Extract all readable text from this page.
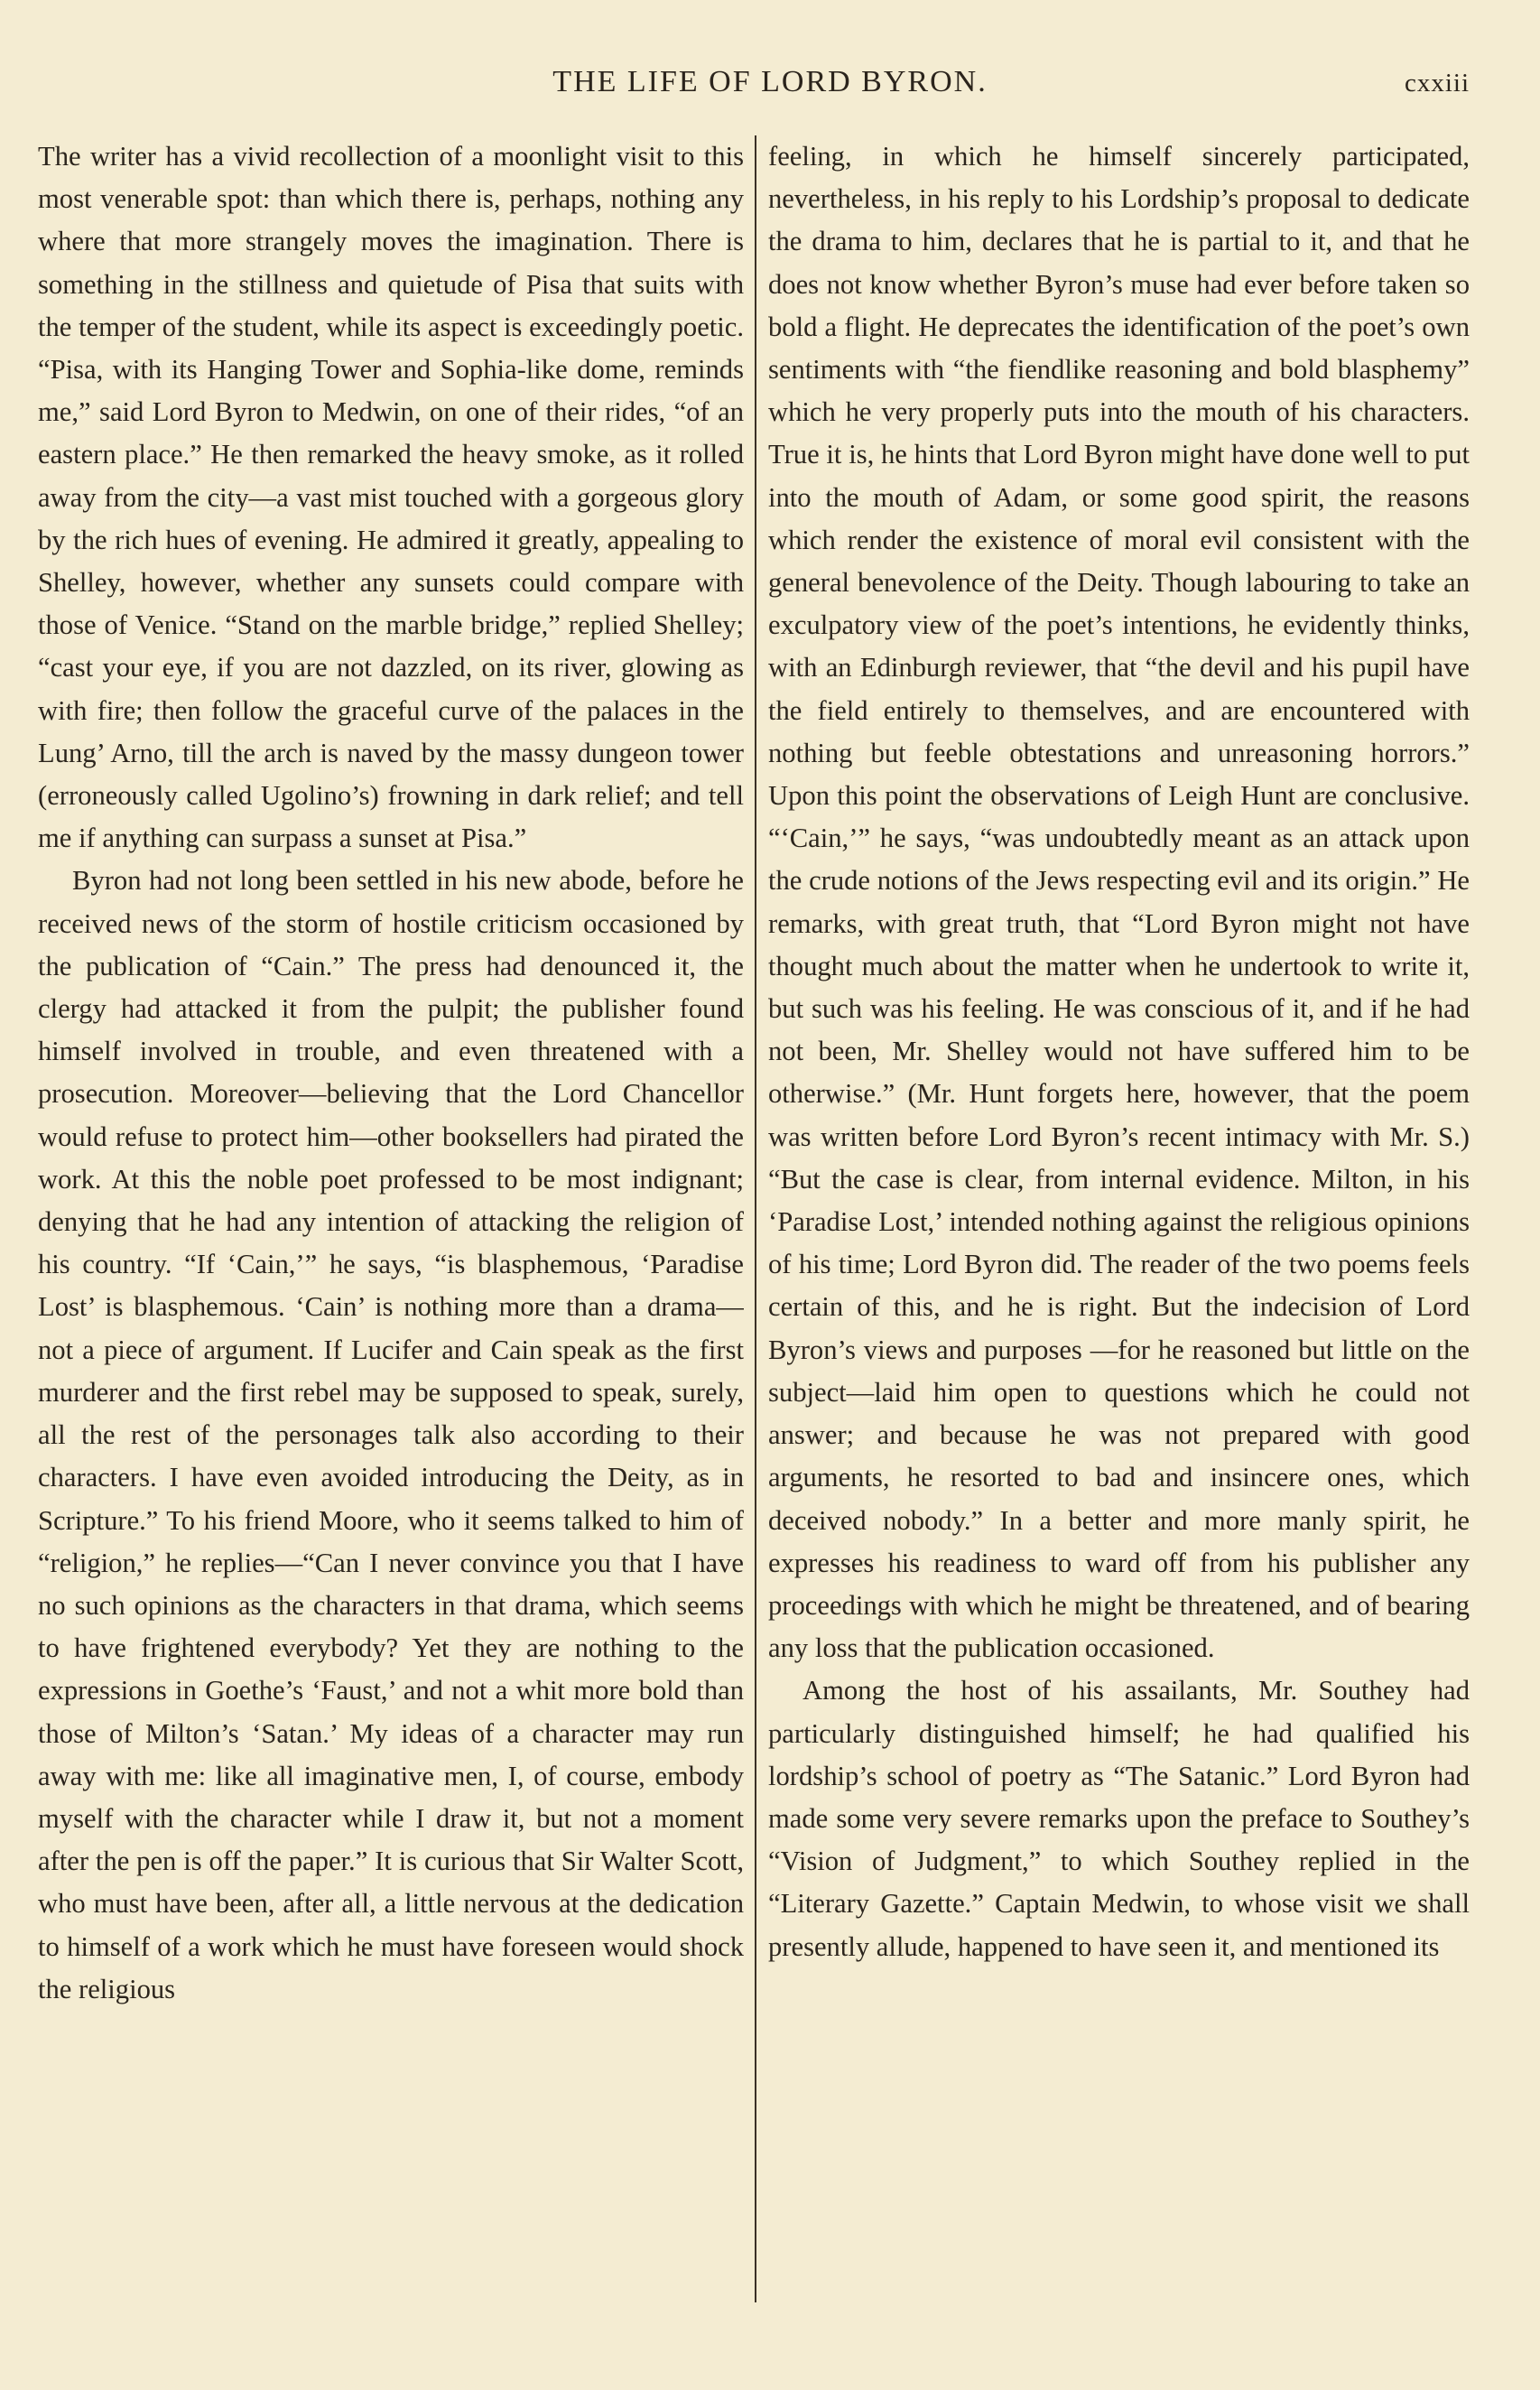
THE LIFE OF LORD BYRON.	cxxiii

The writer has a vivid recollection of a moonlight visit to this most venerable spot: than which there is, perhaps, nothing any where that more strangely moves the imagination. There is something in the stillness and quietude of Pisa that suits with the temper of the student, while its aspect is exceedingly poetic. “Pisa, with its Hanging Tower and Sophia-like dome, reminds me,” said Lord Byron to Medwin, on one of their rides, “of an eastern place.” He then remarked the heavy smoke, as it rolled away from the city—a vast mist touched with a gorgeous glory by the rich hues of evening. He admired it greatly, appealing to Shelley, however, whether any sunsets could compare with those of Venice. “Stand on the marble bridge,” replied Shelley; “cast your eye, if you are not dazzled, on its river, glowing as with fire; then follow the graceful curve of the palaces in the Lung’ Arno, till the arch is naved by the massy dungeon tower (erroneously called Ugolino’s) frowning in dark relief; and tell me if anything can surpass a sunset at Pisa.”

Byron had not long been settled in his new abode, before he received news of the storm of hostile criticism occasioned by the publication of “Cain.” The press had denounced it, the clergy had attacked it from the pulpit; the publisher found himself involved in trouble, and even threatened with a prosecution. Moreover—believing that the Lord Chancellor would refuse to protect him—other booksellers had pirated the work. At this the noble poet professed to be most indignant; denying that he had any intention of attacking the religion of his country. “If ‘Cain,’” he says, “is blasphemous, ‘Paradise Lost’ is blasphemous. ‘Cain’ is nothing more than a drama—not a piece of argument. If Lucifer and Cain speak as the first murderer and the first rebel may be supposed to speak, surely, all the rest of the personages talk also according to their characters. I have even avoided introducing the Deity, as in Scripture.” To his friend Moore, who it seems talked to him of “religion,” he replies—“Can I never convince you that I have no such opinions as the characters in that drama, which seems to have frightened everybody? Yet they are nothing to the expressions in Goethe’s ‘Faust,’ and not a whit more bold than those of Milton’s ‘Satan.’ My ideas of a character may run away with me: like all imaginative men, I, of course, embody myself with the character while I draw it, but not a moment after the pen is off the paper.” It is curious that Sir Walter Scott, who must have been, after all, a little nervous at the dedication to himself of a work which he must have foreseen would shock the religious

feeling, in which he himself sincerely participated, nevertheless, in his reply to his Lordship’s proposal to dedicate the drama to him, declares that he is partial to it, and that he does not know whether Byron’s muse had ever before taken so bold a flight. He deprecates the identification of the poet’s own sentiments with “the fiendlike reasoning and bold blasphemy” which he very properly puts into the mouth of his characters. True it is, he hints that Lord Byron might have done well to put into the mouth of Adam, or some good spirit, the reasons which render the existence of moral evil consistent with the general benevolence of the Deity. Though labouring to take an exculpatory view of the poet’s intentions, he evidently thinks, with an Edinburgh reviewer, that “the devil and his pupil have the field entirely to themselves, and are encountered with nothing but feeble obtestations and unreasoning horrors.” Upon this point the observations of Leigh Hunt are conclusive. “‘Cain,’” he says, “was undoubtedly meant as an attack upon the crude notions of the Jews respecting evil and its origin.” He remarks, with great truth, that “Lord Byron might not have thought much about the matter when he undertook to write it, but such was his feeling. He was conscious of it, and if he had not been, Mr. Shelley would not have suffered him to be otherwise.” (Mr. Hunt forgets here, however, that the poem was written before Lord Byron’s recent intimacy with Mr. S.) “But the case is clear, from internal evidence. Milton, in his ‘Paradise Lost,’ intended nothing against the religious opinions of his time; Lord Byron did. The reader of the two poems feels certain of this, and he is right. But the indecision of Lord Byron’s views and purposes —for he reasoned but little on the subject—laid him open to questions which he could not answer; and because he was not prepared with good arguments, he resorted to bad and insincere ones, which deceived nobody.” In a better and more manly spirit, he expresses his readiness to ward off from his publisher any proceedings with which he might be threatened, and of bearing any loss that the publication occasioned.

Among the host of his assailants, Mr. Southey had particularly distinguished himself; he had qualified his lordship’s school of poetry as “The Satanic.” Lord Byron had made some very severe remarks upon the preface to Southey’s “Vision of Judgment,” to which Southey replied in the “Literary Gazette.” Captain Medwin, to whose visit we shall presently allude, happened to have seen it, and mentioned its
